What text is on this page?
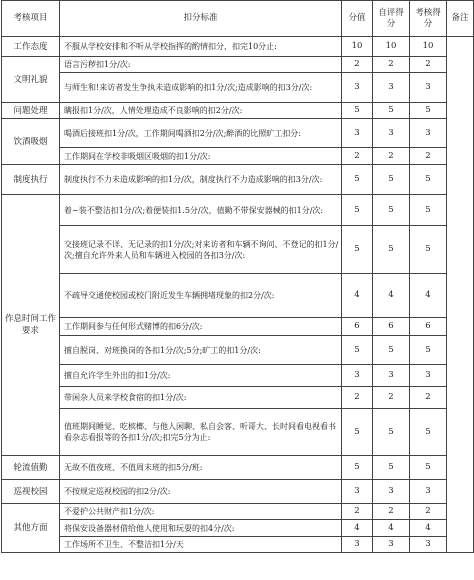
考核项目	扣分标准	分值	自评得分	考核得分	备注
工作态度	不服从学校安排和不听从学校指挥的酌情扣分，扣完10分止:	10	10	10	
文明礼貌	语言污秽扣1分/次:	2	2	2	
	与师生和!来访者发生争执未造成影响的扣1分/次;造成影响的扣3分/次:	3	3	3	
问题处理	瞒报扣1分/次，人情处理造成不良影响的扣2分/次:	5	5	5	
饮酒吸烟	喝酒后接班扣1分/次，工作期间喝酒扣2分/次;醉酒的比照旷工扣分:	3	3	3	
	工作期间在学校非吸烟区吸烟的扣1分/次:	2	2	2	
制度执行	制度执行不力未造成影响的扣1分/次，制度执行不力造成影响的扣3分/次:	5	5	5	
作息时间工作要求	着~装不整洁扣1分/次;着便装扣1.5分/次，值勤不带保安器械的扣1分/次:	5	5	5	
	交接班记录不详、无记录的扣1分/次;对来访者和车辆不询问、不登记的扣1分/次;擅自允许外来人员和车辆进入校园的各扣3分/次:	5	5	5	
	不疏导交通使校园或校门附近发生车辆拥堵现象的扣2分/次:	4	4	4	
	工作期间参与任何形式赌博的扣6分/次:	6	6	6	
	擅自脱岗、对班换岗的各扣1分/次;5分;旷工的扣1分/次:	5	5	5	
	擅自允许学生外出的扣1分/次:	3	3	3	
	带闲杂人员来学校食宿的扣1分/次:	2	2	2	
	值班期间睡觉、吃槟榔、与他人闲聊、私自会客、听哥大、长时间看电视看书看杂志看报等的各扣1分/次;扣完5分为止:	5	5	5	
轮流值勤	无故不值夜班、不值周末班的扣5分/班:	5	5	5	
巡视校园	不按规定巡视校园的扣2分/次:	3	3	3	
其他方面	不爱护公共财产扣1分/次:	2	2	2	
	将保安设备器材借给他人使用和玩耍的扣4分/次:	4	4	4	
	工作场所不卫生、不整洁扣1分/天	3	3	3	
